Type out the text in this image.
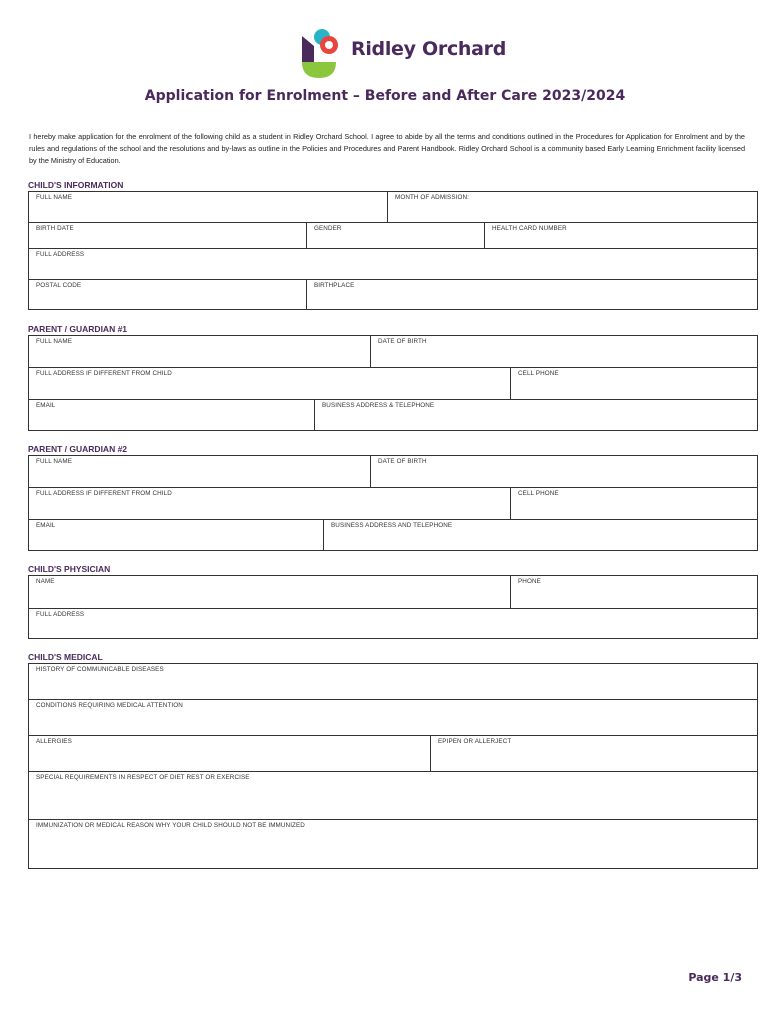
Ridley Orchard
Application for Enrolment – Before and After Care 2023/2024
I hereby make application for the enrolment of the following child as a student in Ridley Orchard School. I agree to abide by all the terms and conditions outlined in the Procedures for Application for Enrolment and by the rules and regulations of the school and the resolutions and by-laws as outline in the Policies and Procedures and Parent Handbook. Ridley Orchard School is a community based Early Learning Enrichment facility licensed by the Ministry of Education.
CHILD'S INFORMATION
FULL NAME	MONTH OF ADMISSION:
BIRTH DATE	GENDER	HEALTH CARD NUMBER
FULL ADDRESS
POSTAL CODE	BIRTHPLACE
PARENT / GUARDIAN #1
FULL NAME	DATE OF BIRTH
FULL ADDRESS IF DIFFERENT FROM CHILD	CELL PHONE
EMAIL	BUSINESS ADDRESS & TELEPHONE
PARENT / GUARDIAN #2
FULL NAME	DATE OF BIRTH
FULL ADDRESS IF DIFFERENT FROM CHILD	CELL PHONE
EMAIL	BUSINESS ADDRESS AND TELEPHONE
CHILD'S PHYSICIAN
NAME	PHONE
FULL ADDRESS
CHILD'S MEDICAL
HISTORY OF COMMUNICABLE DISEASES
CONDITIONS REQUIRING MEDICAL ATTENTION
ALLERGIES	EPIPEN OR ALLERJECT
SPECIAL REQUIREMENTS IN RESPECT OF DIET REST OR EXERCISE
IMMUNIZATION OR MEDICAL REASON WHY YOUR CHILD SHOULD NOT BE IMMUNIZED
Page 1/3
